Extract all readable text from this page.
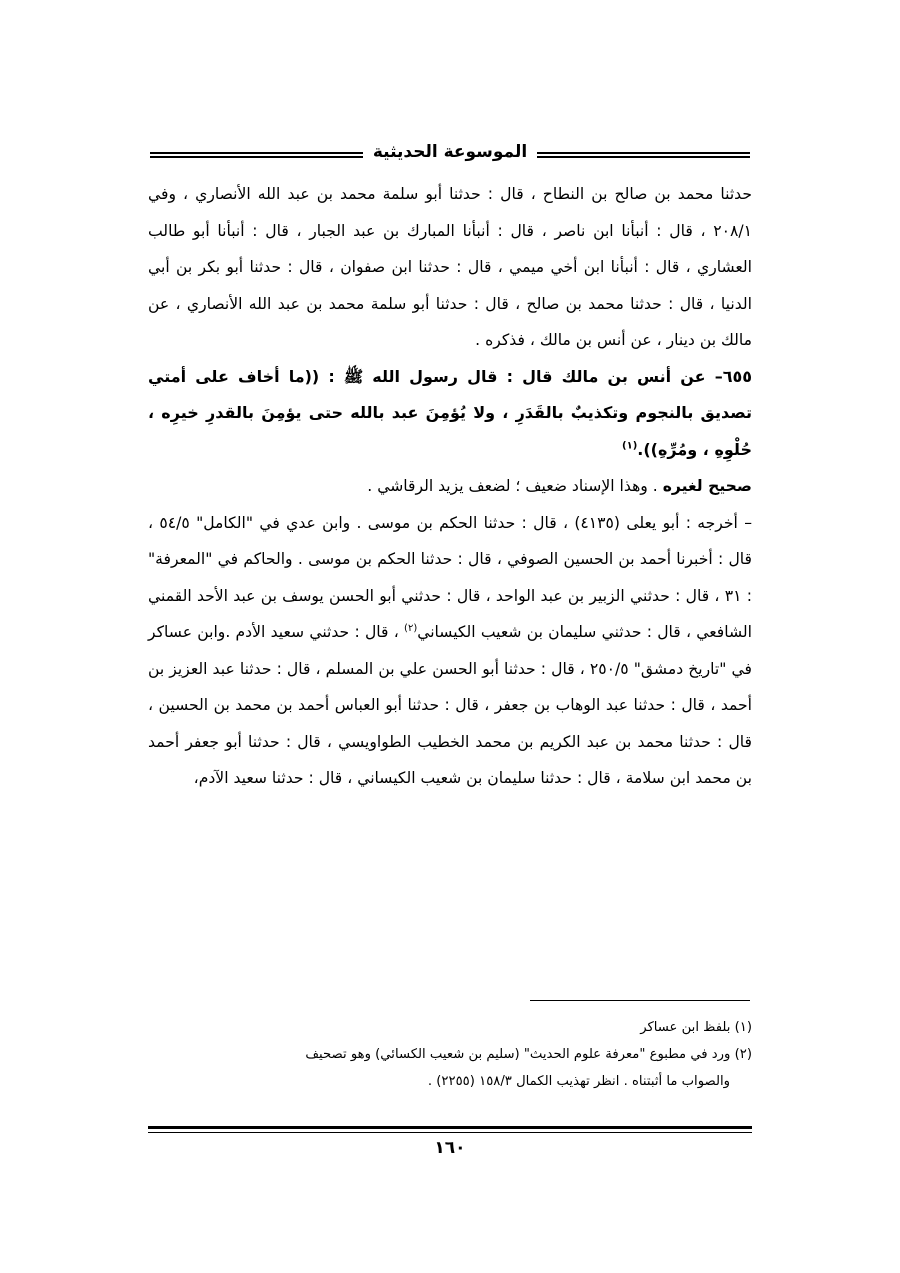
الموسوعة الحديثية

حدثنا محمد بن صالح بن النطاح ، قال : حدثنا أبو سلمة محمد بن عبد الله الأنصاري ، وفي ٢٠٨/١ ، قال : أنبأنا ابن ناصر ، قال : أنبأنا المبارك بن عبد الجبار ، قال : أنبأنا أبو طالب العشاري ، قال : أنبأنا ابن أخي ميمي ، قال : حدثنا ابن صفوان ، قال : حدثنا أبو بكر بن أبي الدنيا ، قال : حدثنا محمد بن صالح ، قال : حدثنا أبو سلمة محمد بن عبد الله الأنصاري ، عن مالك بن دينار ، عن أنس بن مالك ، فذكره .

٦٥٥– عن أنس بن مالك قال : قال رسول الله ﷺ : ((ما أخاف على أمتي تصديق بالنجوم وتكذيبٌ بالقَدَرِ ، ولا يُؤمِنَ عبد بالله حتى يؤمِنَ بالقدرِ خيرِه ، حُلْوِهِ ، ومُرِّهِ)).$^{(١)}$

صحيح لغيره . وهذا الإسناد ضعيف ؛ لضعف يزيد الرقاشي .

– أخرجه : أبو يعلى (٤١٣٥) ، قال : حدثنا الحكم بن موسى . وابن عدي في "الكامل" ٥٤/٥ ، قال : أخبرنا أحمد بن الحسين الصوفي ، قال : حدثنا الحكم بن موسى . والحاكم في "المعرفة" : ٣١ ، قال : حدثني الزبير بن عبد الواحد ، قال : حدثني أبو الحسن يوسف بن عبد الأحد القمني الشافعي ، قال : حدثني سليمان بن شعيب الكيساني$^{(٢)}$ ، قال : حدثني سعيد الأدم .وابن عساكر في "تاريخ دمشق" ٢٥٠/٥ ، قال : حدثنا أبو الحسن علي بن المسلم ، قال : حدثنا عبد العزيز بن أحمد ، قال : حدثنا عبد الوهاب بن جعفر ، قال : حدثنا أبو العباس أحمد بن محمد بن الحسين ، قال : حدثنا محمد بن عبد الكريم بن محمد الخطيب الطواويسي ، قال : حدثنا أبو جعفر أحمد بن محمد ابن سلامة ، قال : حدثنا سليمان بن شعيب الكيساني ، قال : حدثنا سعيد الآدم،

(١) بلفظ ابن عساكر

(٢) ورد في مطبوع "معرفة علوم الحديث" (سليم بن شعيب الكسائي) وهو تصحيف

والصواب ما أثبتناه . انظر تهذيب الكمال ١٥٨/٣ (٢٢٥٥) .

١٦٠
